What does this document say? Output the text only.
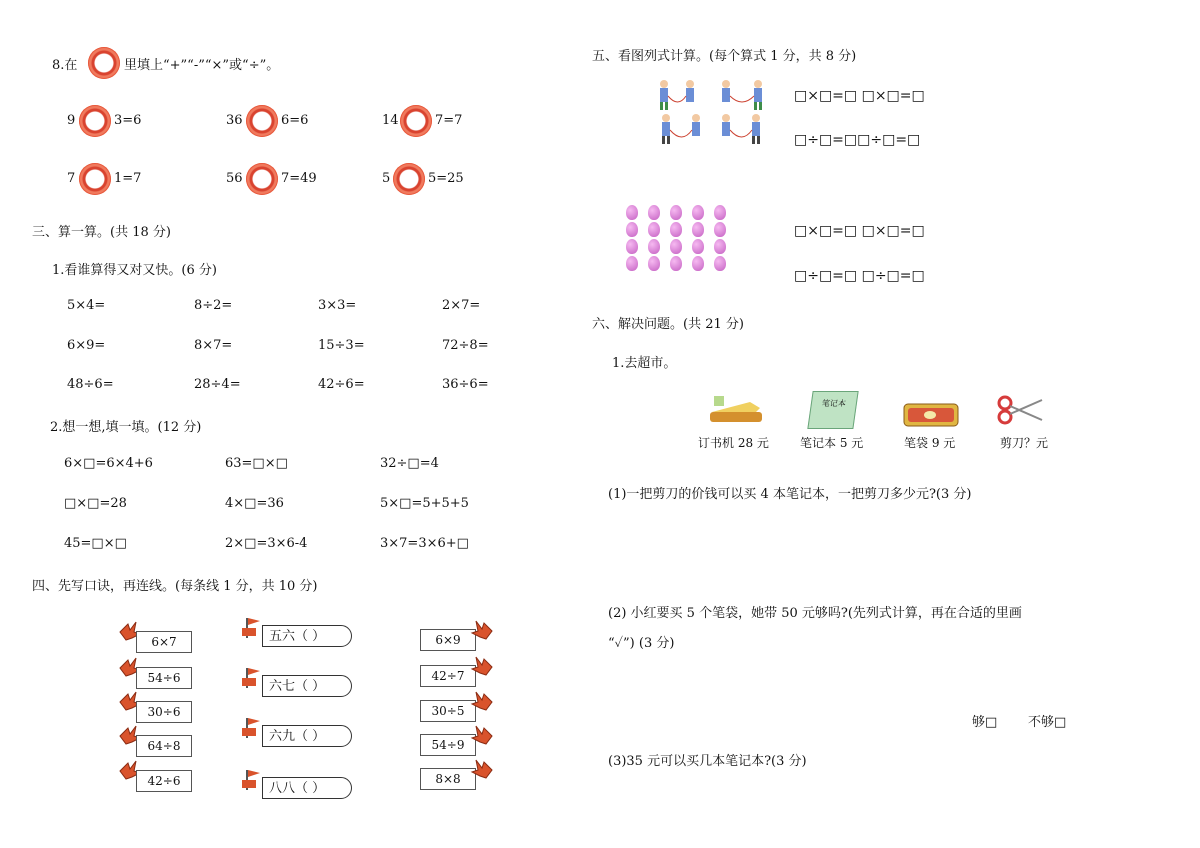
8.在	里填上“+”“-”“×”或“÷”。
9	3=6	36	6=6	14	7=7
7	1=7	56	7=49	5	5=25
三、算一算。(共 18 分)
1.看谁算得又对又快。(6 分)
5×4=	8÷2=	3×3=	2×7=
6×9=	8×7=	15÷3=	72÷8=
48÷6=	28÷4=	42÷6=	36÷6=
2.想一想,填一填。(12 分)
6×□=6×4+6	63=□×□	32÷□=4
□×□=28	4×□=36	5×□=5+5+5
45=□×□	2×□=3×6-4	3×7=3×6+□
四、先写口诀，再连线。(每条线 1 分，共 10 分)
6×7
54÷6
30÷6
64÷8
42÷6
五六（ ）
六七（ ）
六九（ ）
八八（ ）
6×9
42÷7
30÷5
54÷9
8×8
五、看图列式计算。(每个算式 1 分，共 8 分)
□×□=□ □×□=□
□÷□=□□÷□=□
□×□=□ □×□=□
□÷□=□ □÷□=□
六、解决问题。(共 21 分)
1.去超市。
订书机 28 元
笔记本
笔记本 5 元	笔袋 9 元	剪刀？元
(1)一把剪刀的价钱可以买 4 本笔记本，一把剪刀多少元?(3 分)
(2) 小红要买 5 个笔袋，她带 50 元够吗?(先列式计算，再在合适的里画
“✓”) (3 分)
够□ 不够□
(3)35 元可以买几本笔记本?(3 分)
